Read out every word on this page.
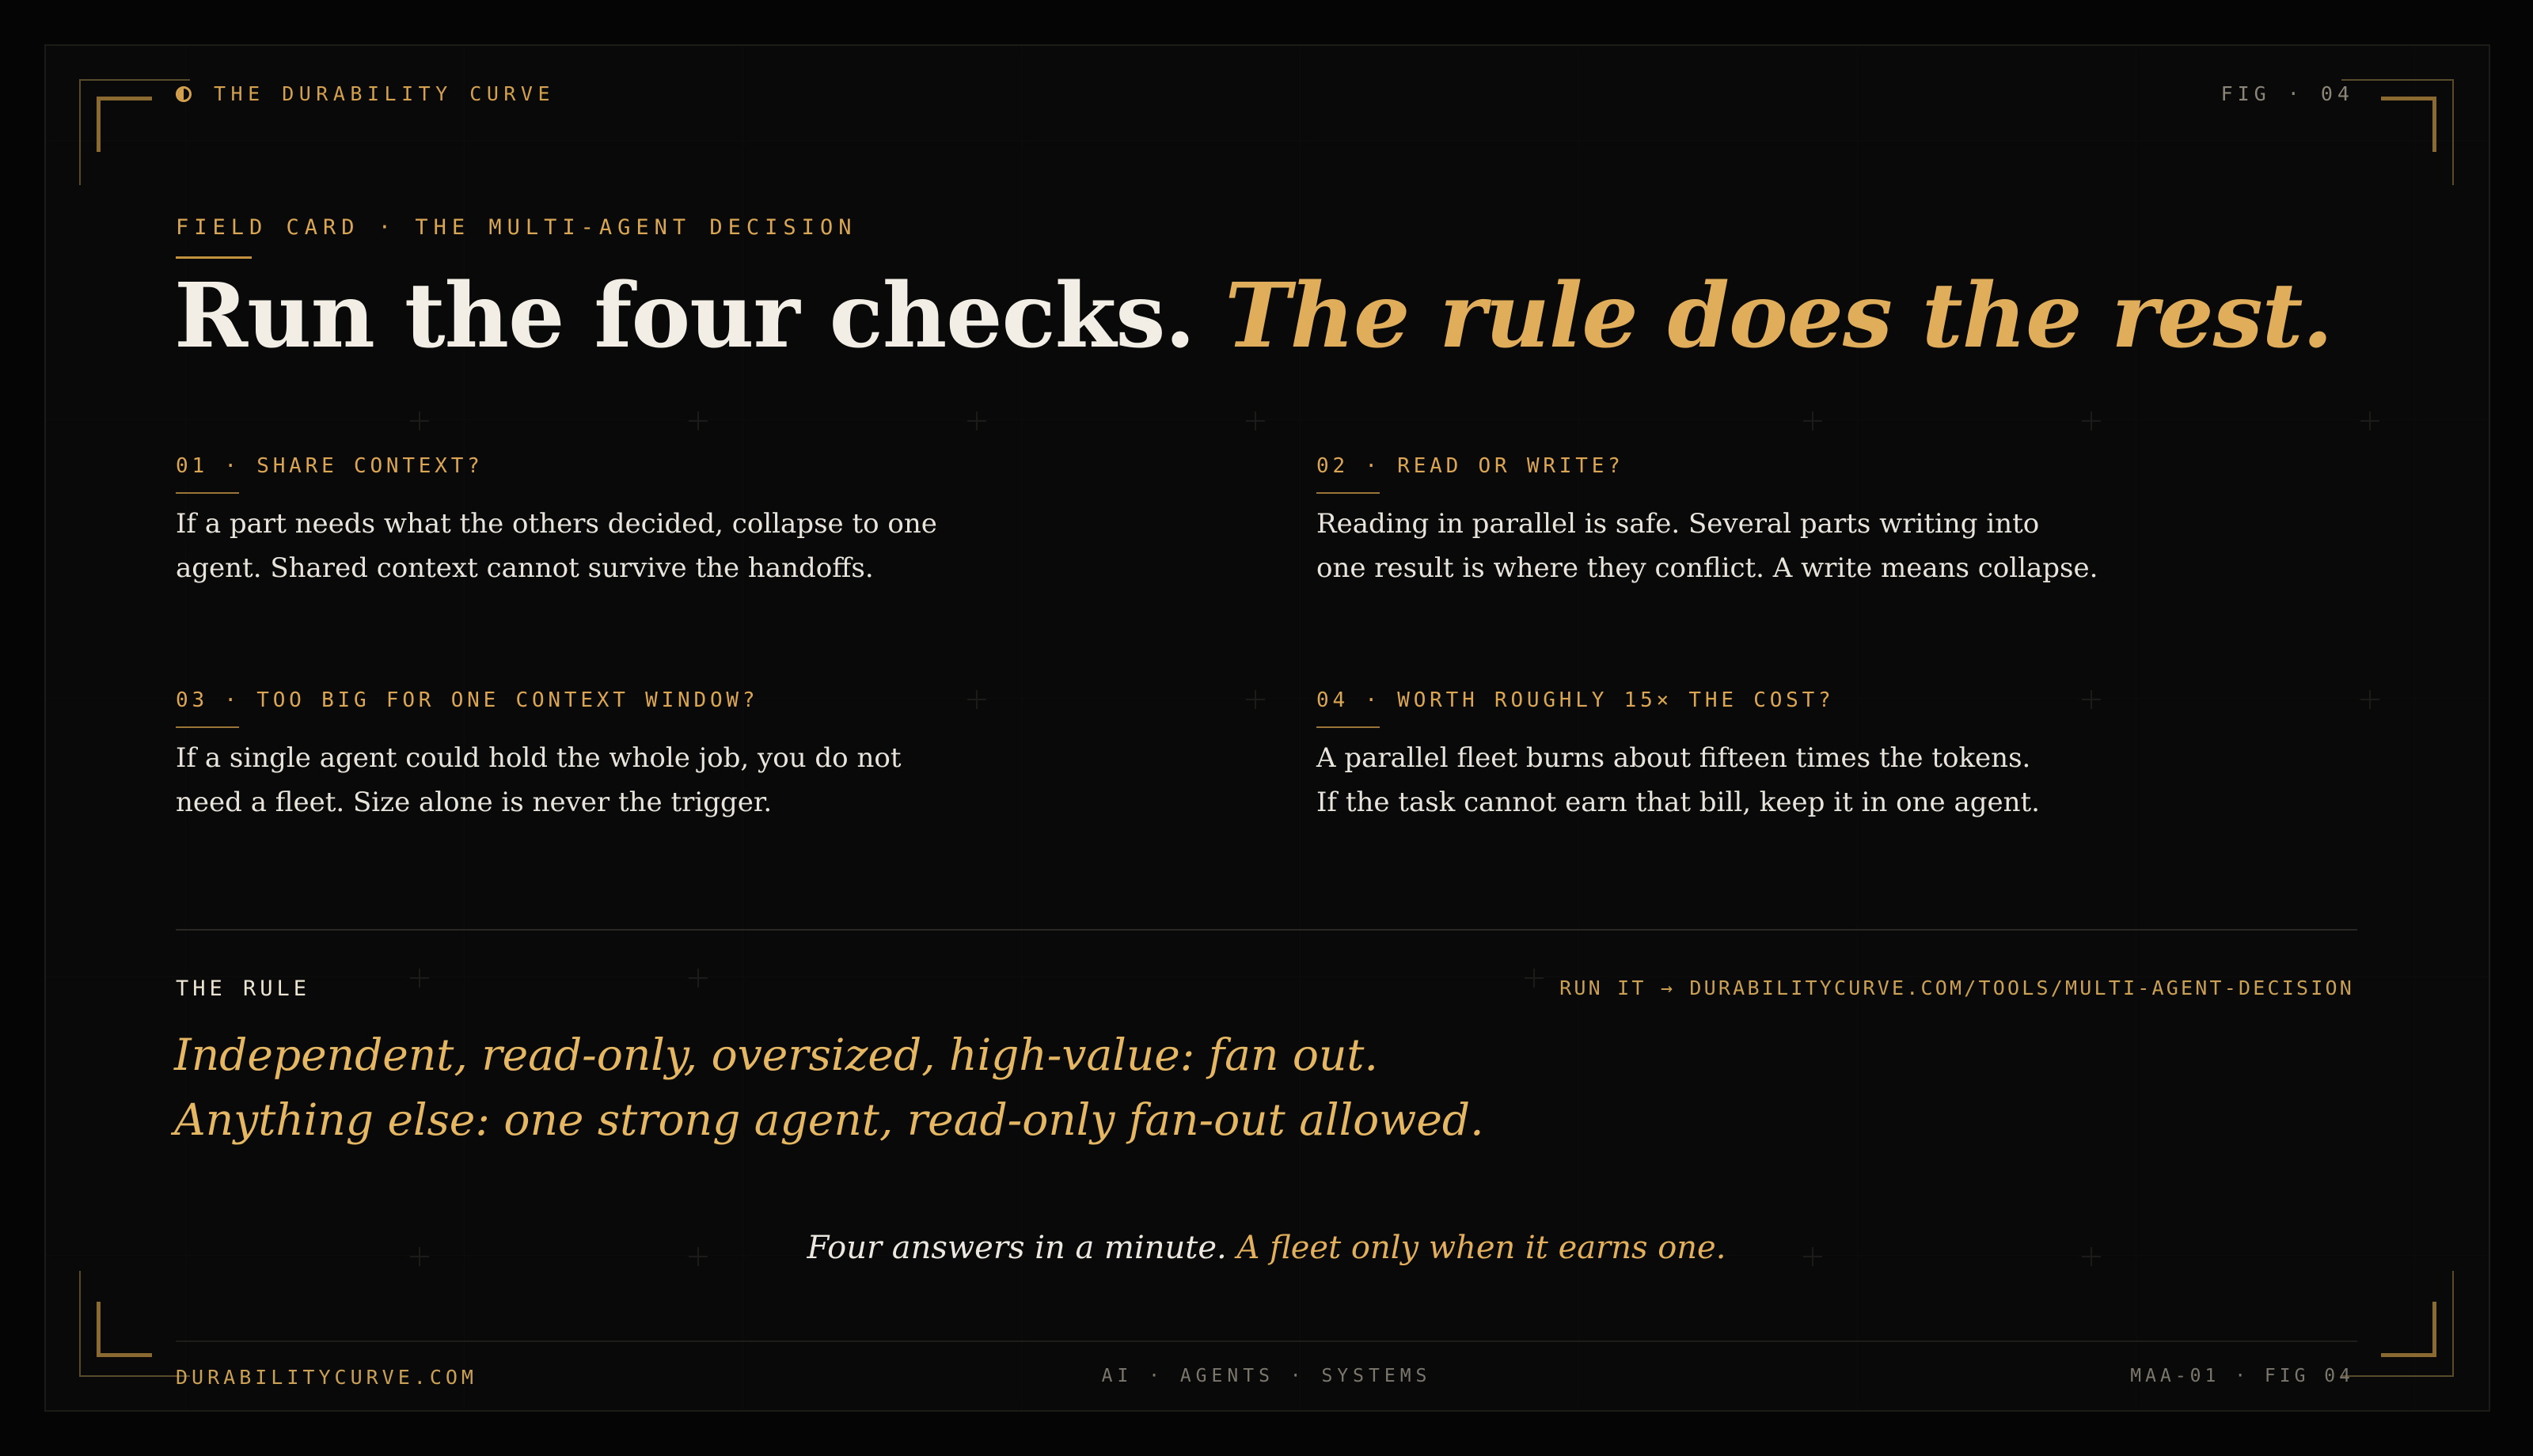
THE DURABILITY CURVE	FIG · 04
FIELD CARD · THE MULTI-AGENT DECISION
Run the four checks. The rule does the rest.
01 · SHARE CONTEXT?
If a part needs what the others decided, collapse to one
agent. Shared context cannot survive the handoffs.
02 · READ OR WRITE?
Reading in parallel is safe. Several parts writing into
one result is where they conflict. A write means collapse.
03 · TOO BIG FOR ONE CONTEXT WINDOW?
If a single agent could hold the whole job, you do not
need a fleet. Size alone is never the trigger.
04 · WORTH ROUGHLY 15× THE COST?
A parallel fleet burns about fifteen times the tokens.
If the task cannot earn that bill, keep it in one agent.
THE RULE	RUN IT → DURABILITYCURVE.COM/TOOLS/MULTI-AGENT-DECISION
Independent, read-only, oversized, high-value: fan out.
Anything else: one strong agent, read-only fan-out allowed.
Four answers in a minute. A fleet only when it earns one.
DURABILITYCURVE.COM	AI · AGENTS · SYSTEMS	MAA-01 · FIG 04
